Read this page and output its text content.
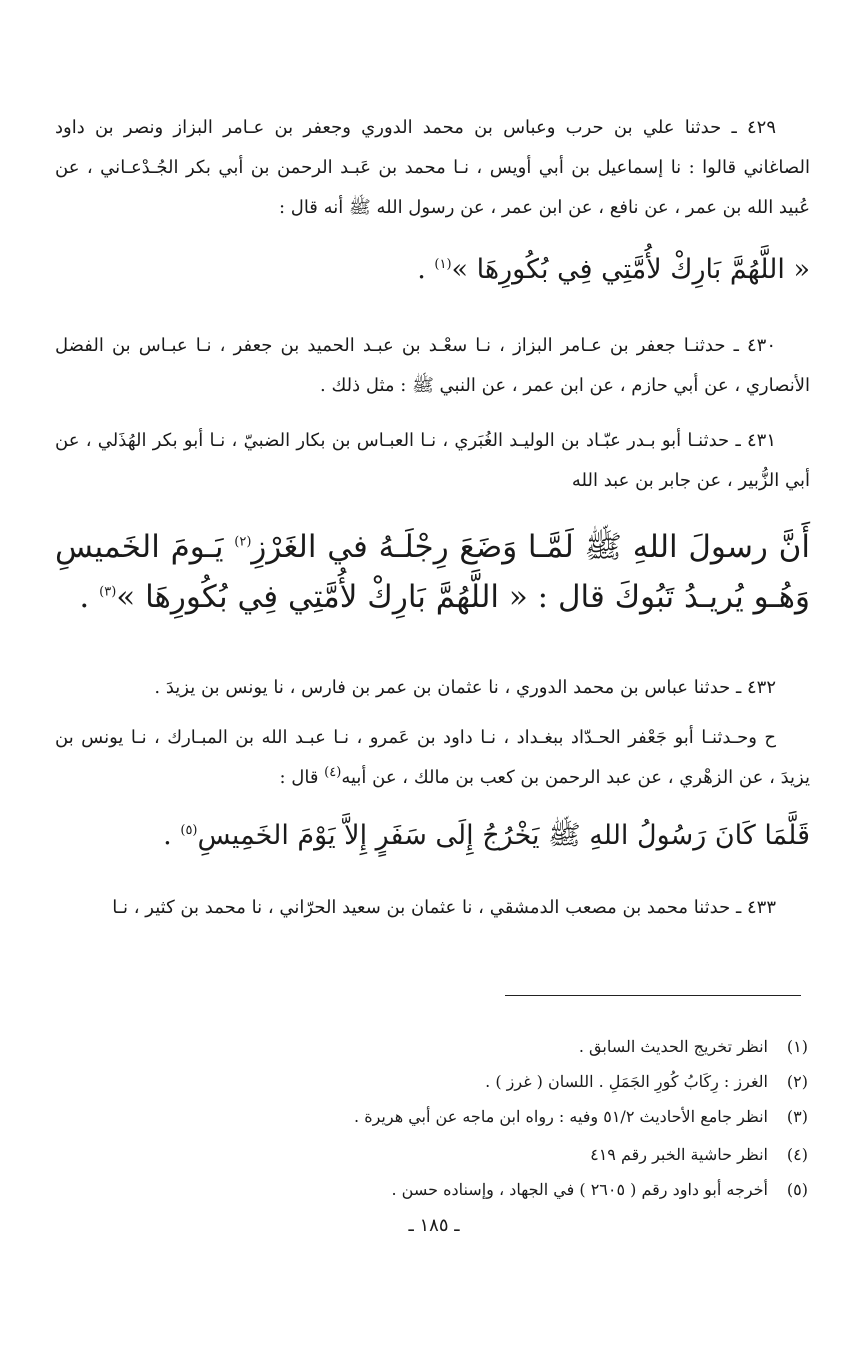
٤٢٩ ـ حدثنا علي بن حرب وعباس بن محمد الدوري وجعفر بن عـامر البزاز ونصر بن داود الصاغاني قالوا : نا إسماعيل بن أبي أويس ، نـا محمد بن عَبـد الرحمن بن أبي بكر الجُـدْعـاني ، عن عُبيد الله بن عمر ، عن نافع ، عن ابن عمر ، عن رسول الله ﷺ أنه قال :
« اللَّهُمَّ بَارِكْ لأُمَّتِي فِي بُكُورِهَا »$^{(١)}$ .
٤٣٠ ـ حدثنـا جعفر بن عـامر البزاز ، نـا سعْـد بن عبـد الحميد بن جعفر ، نـا عبـاس بن الفضل الأنصاري ، عن أبي حازم ، عن ابن عمر ، عن النبي ﷺ : مثل ذلك .
٤٣١ ـ حدثنـا أبو بـدر عبّـاد بن الوليـد الغُبَري ، نـا العبـاس بن بكار الضبيّ ، نـا أبو بكر الهُذَلي ، عن أبي الزُّبير ، عن جابر بن عبد الله
أَنَّ رسولَ اللهِ ﷺ لَمَّـا وَضَعَ رِجْلَـهُ في الغَرْزِ$^{(٢)}$ يَـومَ الخَميسِ وَهُـو يُريـدُ تَبُوكَ قال : « اللَّهُمَّ بَارِكْ لأُمَّتِي فِي بُكُورِهَا »$^{(٣)}$ .
٤٣٢ ـ حدثنا عباس بن محمد الدوري ، نا عثمان بن عمر بن فارس ، نا يونس بن يزيدَ .
ح وحـدثنـا أبو جَعْفر الحـدّاد ببغـداد ، نـا داود بن عَمرو ، نـا عبـد الله بن المبـارك ، نـا يونس بن يزيدَ ، عن الزهْري ، عن عبد الرحمن بن كعب بن مالك ، عن أبيه$^{(٤)}$ قال :
قَلَّمَا كَانَ رَسُولُ اللهِ ﷺ يَخْرُجُ إِلَى سَفَرٍ إِلاَّ يَوْمَ الخَمِيسِ$^{(٥)}$ .
٤٣٣ ـ حدثنا محمد بن مصعب الدمشقي ، نا عثمان بن سعيد الحرّاني ، نا محمد بن كثير ، نـا
(١)
انظر تخريج الحديث السابق .
(٢)
الغرز : رِكَابُ كُورِ الجَمَلِ . اللسان ( غرز ) .
(٣)
انظر جامع الأحاديث ٥١/٢ وفيه : رواه ابن ماجه عن أبي هريرة .
(٤)
انظر حاشية الخبر رقم ٤١٩
(٥)
أخرجه أبو داود رقم ( ٢٦٠٥ ) في الجهاد ، وإسناده حسن .
ـ ١٨٥ ـ
